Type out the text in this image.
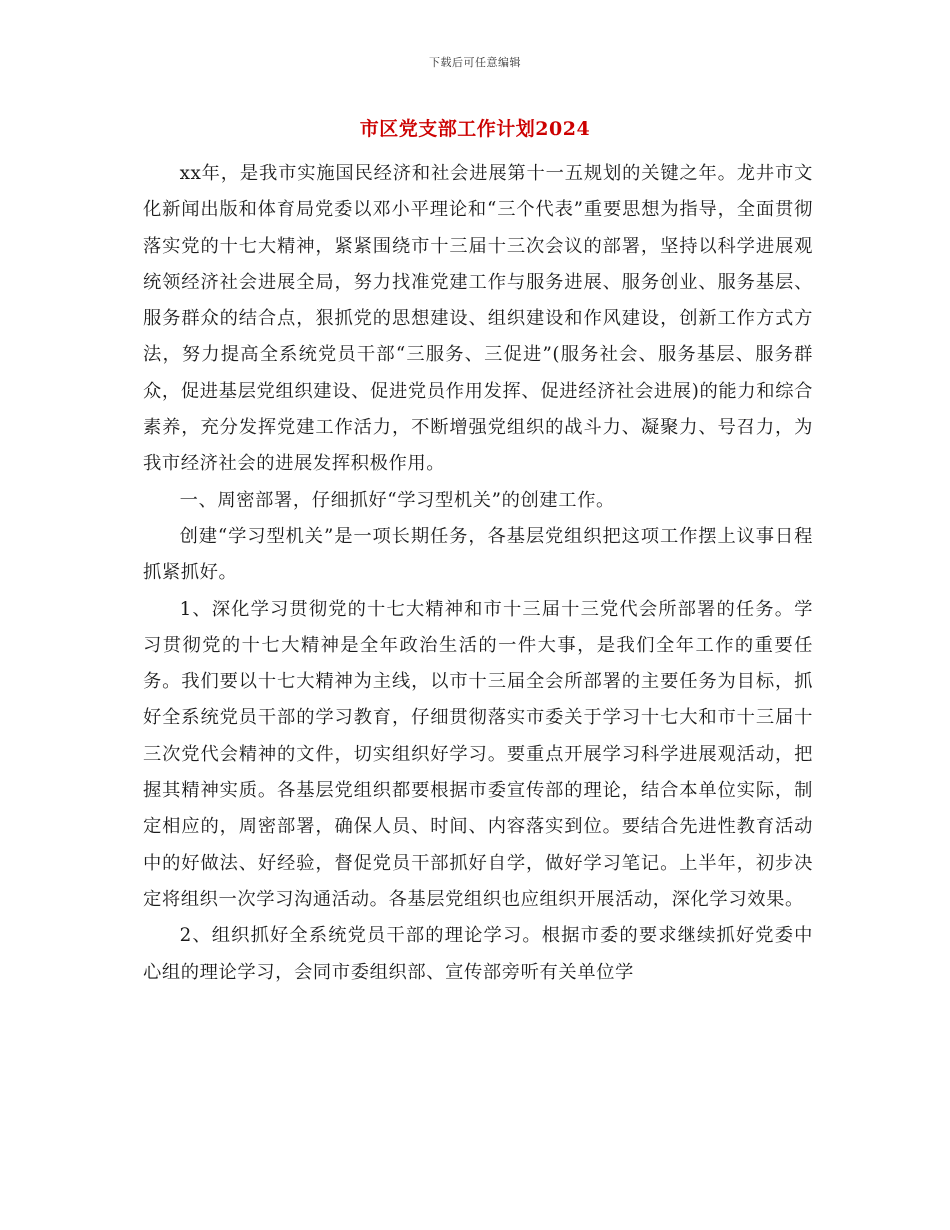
下载后可任意编辑
市区党支部工作计划2024

xx年，是我市实施国民经济和社会进展第十一五规划的关键之年。龙井市文化新闻出版和体育局党委以邓小平理论和“三个代表”重要思想为指导，全面贯彻落实党的十七大精神，紧紧围绕市十三届十三次会议的部署，坚持以科学进展观统领经济社会进展全局，努力找准党建工作与服务进展、服务创业、服务基层、服务群众的结合点，狠抓党的思想建设、组织建设和作风建设，创新工作方式方法，努力提高全系统党员干部“三服务、三促进”(服务社会、服务基层、服务群众，促进基层党组织建设、促进党员作用发挥、促进经济社会进展)的能力和综合素养，充分发挥党建工作活力，不断增强党组织的战斗力、凝聚力、号召力，为我市经济社会的进展发挥积极作用。

一、周密部署，仔细抓好“学习型机关”的创建工作。

创建“学习型机关”是一项长期任务，各基层党组织把这项工作摆上议事日程抓紧抓好。

1、深化学习贯彻党的十七大精神和市十三届十三党代会所部署的任务。学习贯彻党的十七大精神是全年政治生活的一件大事，是我们全年工作的重要任务。我们要以十七大精神为主线，以市十三届全会所部署的主要任务为目标，抓好全系统党员干部的学习教育，仔细贯彻落实市委关于学习十七大和市十三届十三次党代会精神的文件，切实组织好学习。要重点开展学习科学进展观活动，把握其精神实质。各基层党组织都要根据市委宣传部的理论，结合本单位实际，制定相应的，周密部署，确保人员、时间、内容落实到位。要结合先进性教育活动中的好做法、好经验，督促党员干部抓好自学，做好学习笔记。上半年，初步决定将组织一次学习沟通活动。各基层党组织也应组织开展活动，深化学习效果。

2、组织抓好全系统党员干部的理论学习。根据市委的要求继续抓好党委中心组的理论学习，会同市委组织部、宣传部旁听有关单位学
